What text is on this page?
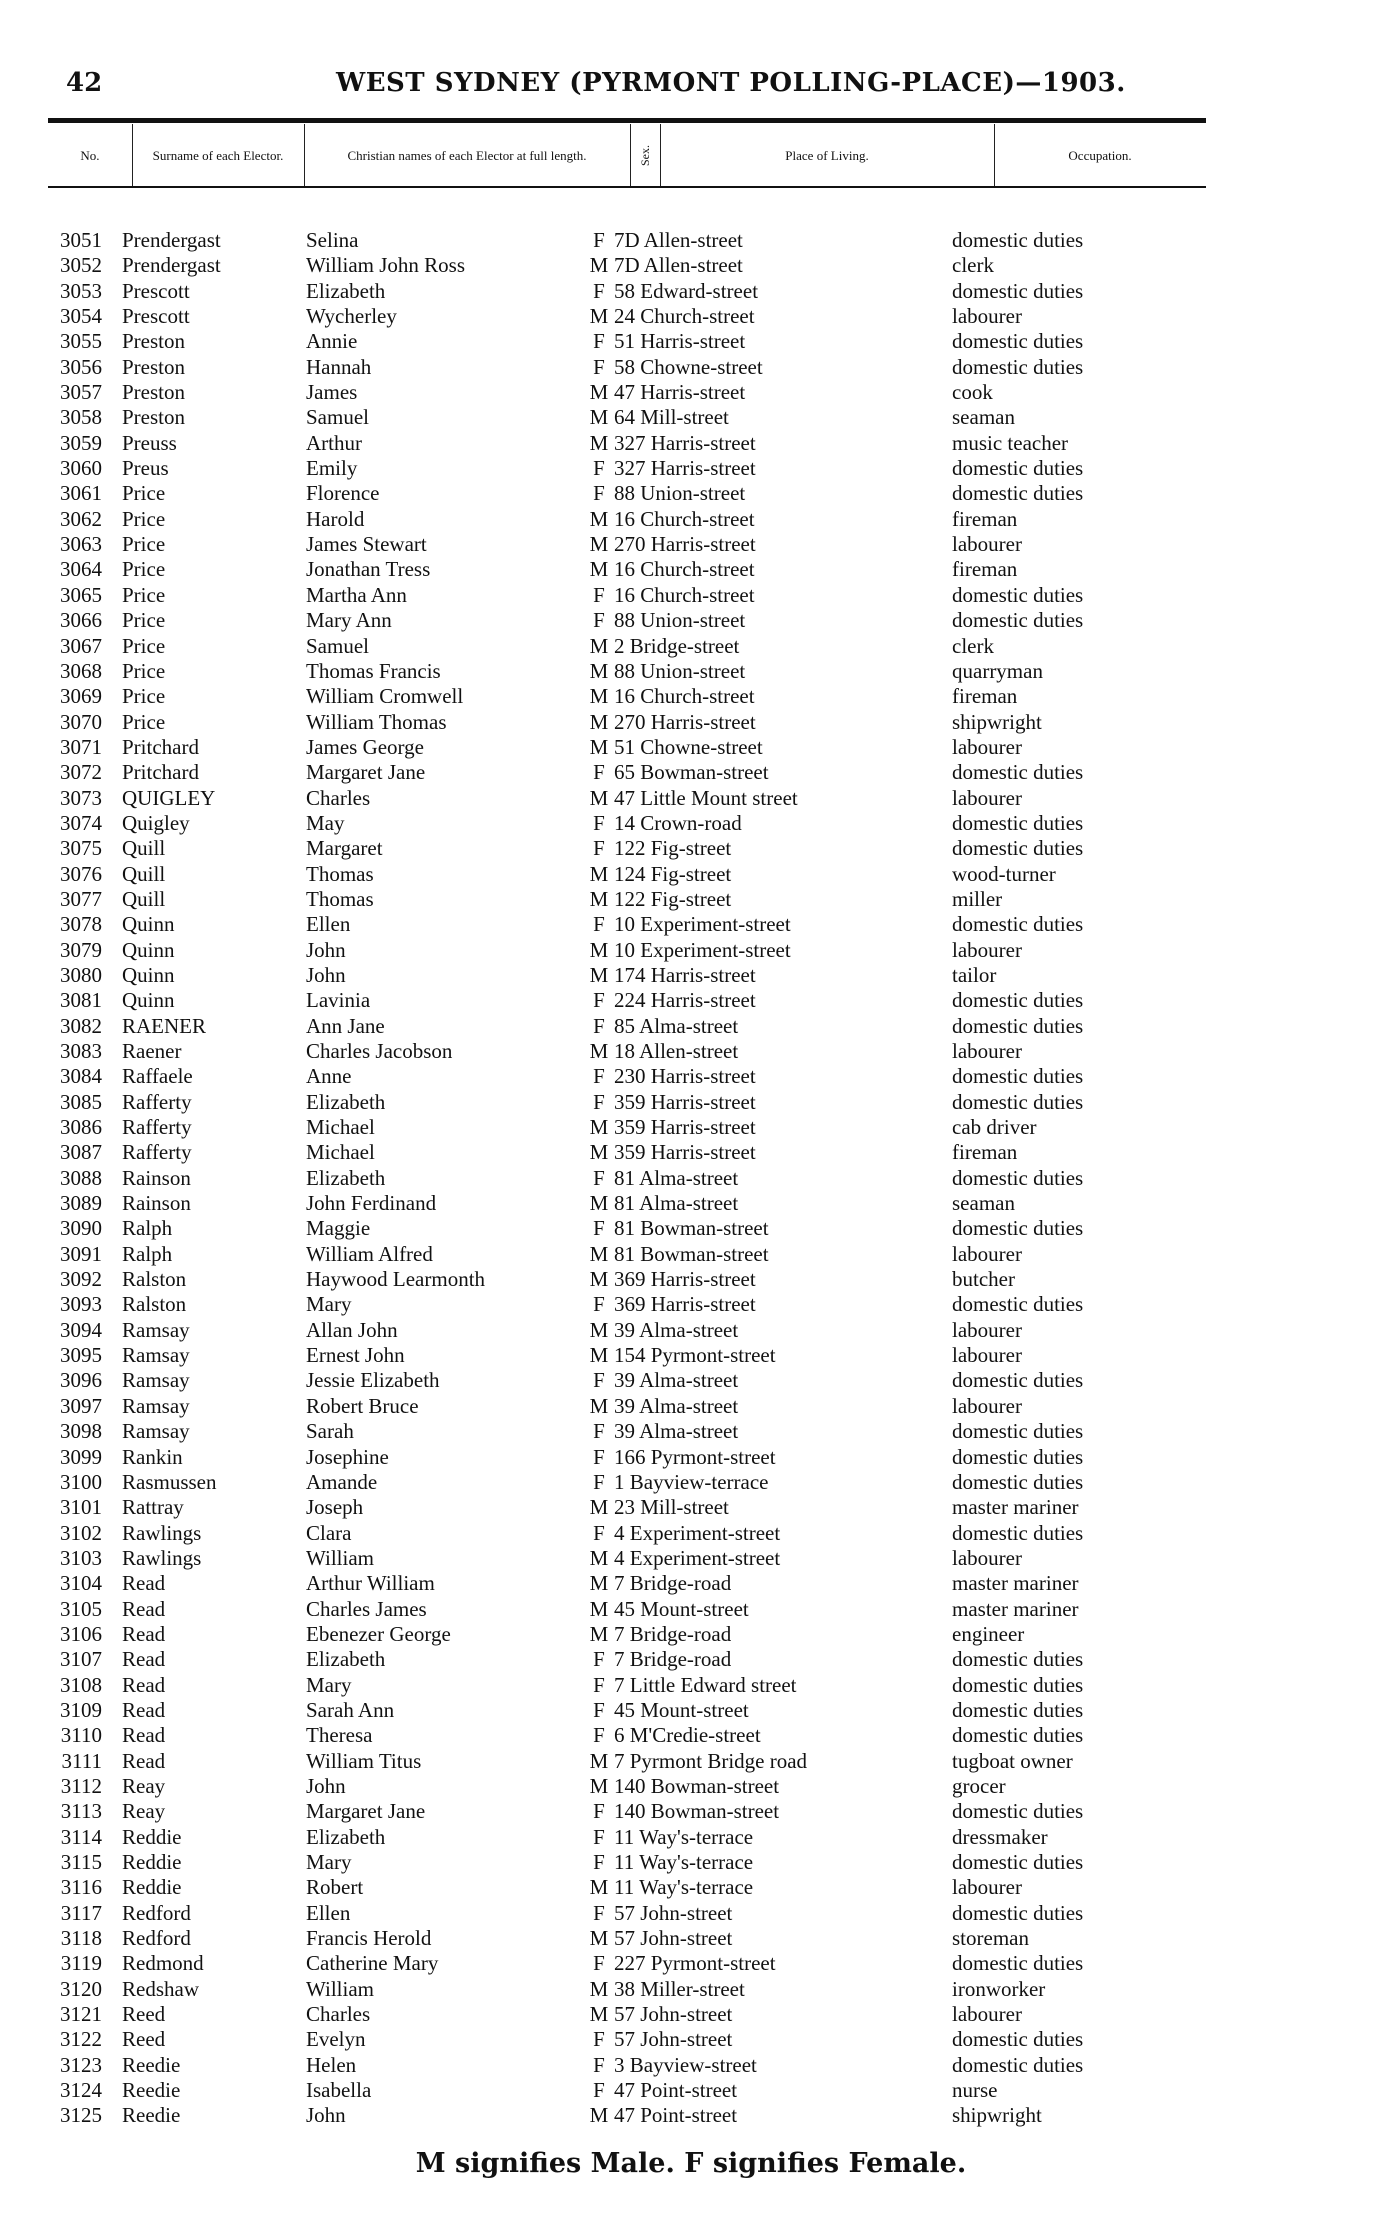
42	WEST SYDNEY (PYRMONT POLLING-PLACE)—1903.
No.	Surname of each Elector.	Christian names of each Elector at full length.	Sex.	Place of Living.	Occupation.
3051 Prendergast	Selina	F 7D Allen-street	domestic duties
3052 Prendergast	William John Ross	M 7D Allen-street	clerk
3053 Prescott	Elizabeth	F 58 Edward-street	domestic duties
3054 Prescott	Wycherley	M 24 Church-street	labourer
3055 Preston	Annie	F 51 Harris-street	domestic duties
3056 Preston	Hannah	F 58 Chowne-street	domestic duties
3057 Preston	James	M 47 Harris-street	cook
3058 Preston	Samuel	M 64 Mill-street	seaman
3059 Preuss	Arthur	M 327 Harris-street	music teacher
3060 Preus	Emily	F 327 Harris-street	domestic duties
3061 Price	Florence	F 88 Union-street	domestic duties
3062 Price	Harold	M 16 Church-street	fireman
3063 Price	James Stewart	M 270 Harris-street	labourer
3064 Price	Jonathan Tress	M 16 Church-street	fireman
3065 Price	Martha Ann	F 16 Church-street	domestic duties
3066 Price	Mary Ann	F 88 Union-street	domestic duties
3067 Price	Samuel	M 2 Bridge-street	clerk
3068 Price	Thomas Francis	M 88 Union-street	quarryman
3069 Price	William Cromwell	M 16 Church-street	fireman
3070 Price	William Thomas	M 270 Harris-street	shipwright
3071 Pritchard	James George	M 51 Chowne-street	labourer
3072 Pritchard	Margaret Jane	F 65 Bowman-street	domestic duties
3073 QUIGLEY	Charles	M 47 Little Mount street	labourer
3074 Quigley	May	F 14 Crown-road	domestic duties
3075 Quill	Margaret	F 122 Fig-street	domestic duties
3076 Quill	Thomas	M 124 Fig-street	wood-turner
3077 Quill	Thomas	M 122 Fig-street	miller
3078 Quinn	Ellen	F 10 Experiment-street	domestic duties
3079 Quinn	John	M 10 Experiment-street	labourer
3080 Quinn	John	M 174 Harris-street	tailor
3081 Quinn	Lavinia	F 224 Harris-street	domestic duties
3082 RAENER	Ann Jane	F 85 Alma-street	domestic duties
3083 Raener	Charles Jacobson	M 18 Allen-street	labourer
3084 Raffaele	Anne	F 230 Harris-street	domestic duties
3085 Rafferty	Elizabeth	F 359 Harris-street	domestic duties
3086 Rafferty	Michael	M 359 Harris-street	cab driver
3087 Rafferty	Michael	M 359 Harris-street	fireman
3088 Rainson	Elizabeth	F 81 Alma-street	domestic duties
3089 Rainson	John Ferdinand	M 81 Alma-street	seaman
3090 Ralph	Maggie	F 81 Bowman-street	domestic duties
3091 Ralph	William Alfred	M 81 Bowman-street	labourer
3092 Ralston	Haywood Learmonth	M 369 Harris-street	butcher
3093 Ralston	Mary	F 369 Harris-street	domestic duties
3094 Ramsay	Allan John	M 39 Alma-street	labourer
3095 Ramsay	Ernest John	M 154 Pyrmont-street	labourer
3096 Ramsay	Jessie Elizabeth	F 39 Alma-street	domestic duties
3097 Ramsay	Robert Bruce	M 39 Alma-street	labourer
3098 Ramsay	Sarah	F 39 Alma-street	domestic duties
3099 Rankin	Josephine	F 166 Pyrmont-street	domestic duties
3100 Rasmussen	Amande	F 1 Bayview-terrace	domestic duties
3101 Rattray	Joseph	M 23 Mill-street	master mariner
3102 Rawlings	Clara	F 4 Experiment-street	domestic duties
3103 Rawlings	William	M 4 Experiment-street	labourer
3104 Read	Arthur William	M 7 Bridge-road	master mariner
3105 Read	Charles James	M 45 Mount-street	master mariner
3106 Read	Ebenezer George	M 7 Bridge-road	engineer
3107 Read	Elizabeth	F 7 Bridge-road	domestic duties
3108 Read	Mary	F 7 Little Edward street	domestic duties
3109 Read	Sarah Ann	F 45 Mount-street	domestic duties
3110 Read	Theresa	F 6 M'Credie-street	domestic duties
3111 Read	William Titus	M 7 Pyrmont Bridge road	tugboat owner
3112 Reay	John	M 140 Bowman-street	grocer
3113 Reay	Margaret Jane	F 140 Bowman-street	domestic duties
3114 Reddie	Elizabeth	F 11 Way's-terrace	dressmaker
3115 Reddie	Mary	F 11 Way's-terrace	domestic duties
3116 Reddie	Robert	M 11 Way's-terrace	labourer
3117 Redford	Ellen	F 57 John-street	domestic duties
3118 Redford	Francis Herold	M 57 John-street	storeman
3119 Redmond	Catherine Mary	F 227 Pyrmont-street	domestic duties
3120 Redshaw	William	M 38 Miller-street	ironworker
3121 Reed	Charles	M 57 John-street	labourer
3122 Reed	Evelyn	F 57 John-street	domestic duties
3123 Reedie	Helen	F 3 Bayview-street	domestic duties
3124 Reedie	Isabella	F 47 Point-street	nurse
3125 Reedie	John	M 47 Point-street	shipwright
M signifies Male. F signifies Female.
